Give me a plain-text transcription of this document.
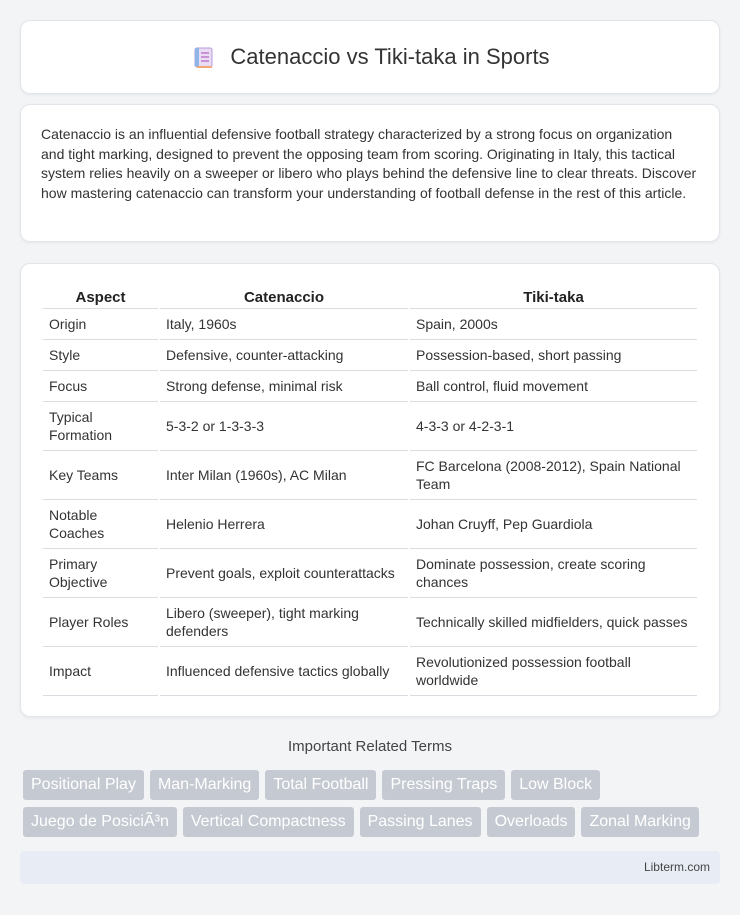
Catenaccio vs Tiki-taka in Sports

Catenaccio is an influential defensive football strategy characterized by a strong focus on organization and tight marking, designed to prevent the opposing team from scoring. Originating in Italy, this tactical system relies heavily on a sweeper or libero who plays behind the defensive line to clear threats. Discover how mastering catenaccio can transform your understanding of football defense in the rest of this article.

Aspect	Catenaccio	Tiki-taka
Origin	Italy, 1960s	Spain, 2000s
Style	Defensive, counter-attacking	Possession-based, short passing
Focus	Strong defense, minimal risk	Ball control, fluid movement
Typical Formation	5-3-2 or 1-3-3-3	4-3-3 or 4-2-3-1
Key Teams	Inter Milan (1960s), AC Milan	FC Barcelona (2008-2012), Spain National Team
Notable Coaches	Helenio Herrera	Johan Cruyff, Pep Guardiola
Primary Objective	Prevent goals, exploit counterattacks	Dominate possession, create scoring chances
Player Roles	Libero (sweeper), tight marking defenders	Technically skilled midfielders, quick passes
Impact	Influenced defensive tactics globally	Revolutionized possession football worldwide
Important Related Terms
Positional Play	Man-Marking	Total Football	Pressing Traps	Low Block
Juego de PosiciÃ³n	Vertical Compactness	Passing Lanes	Overloads	Zonal Marking
Libterm.com
